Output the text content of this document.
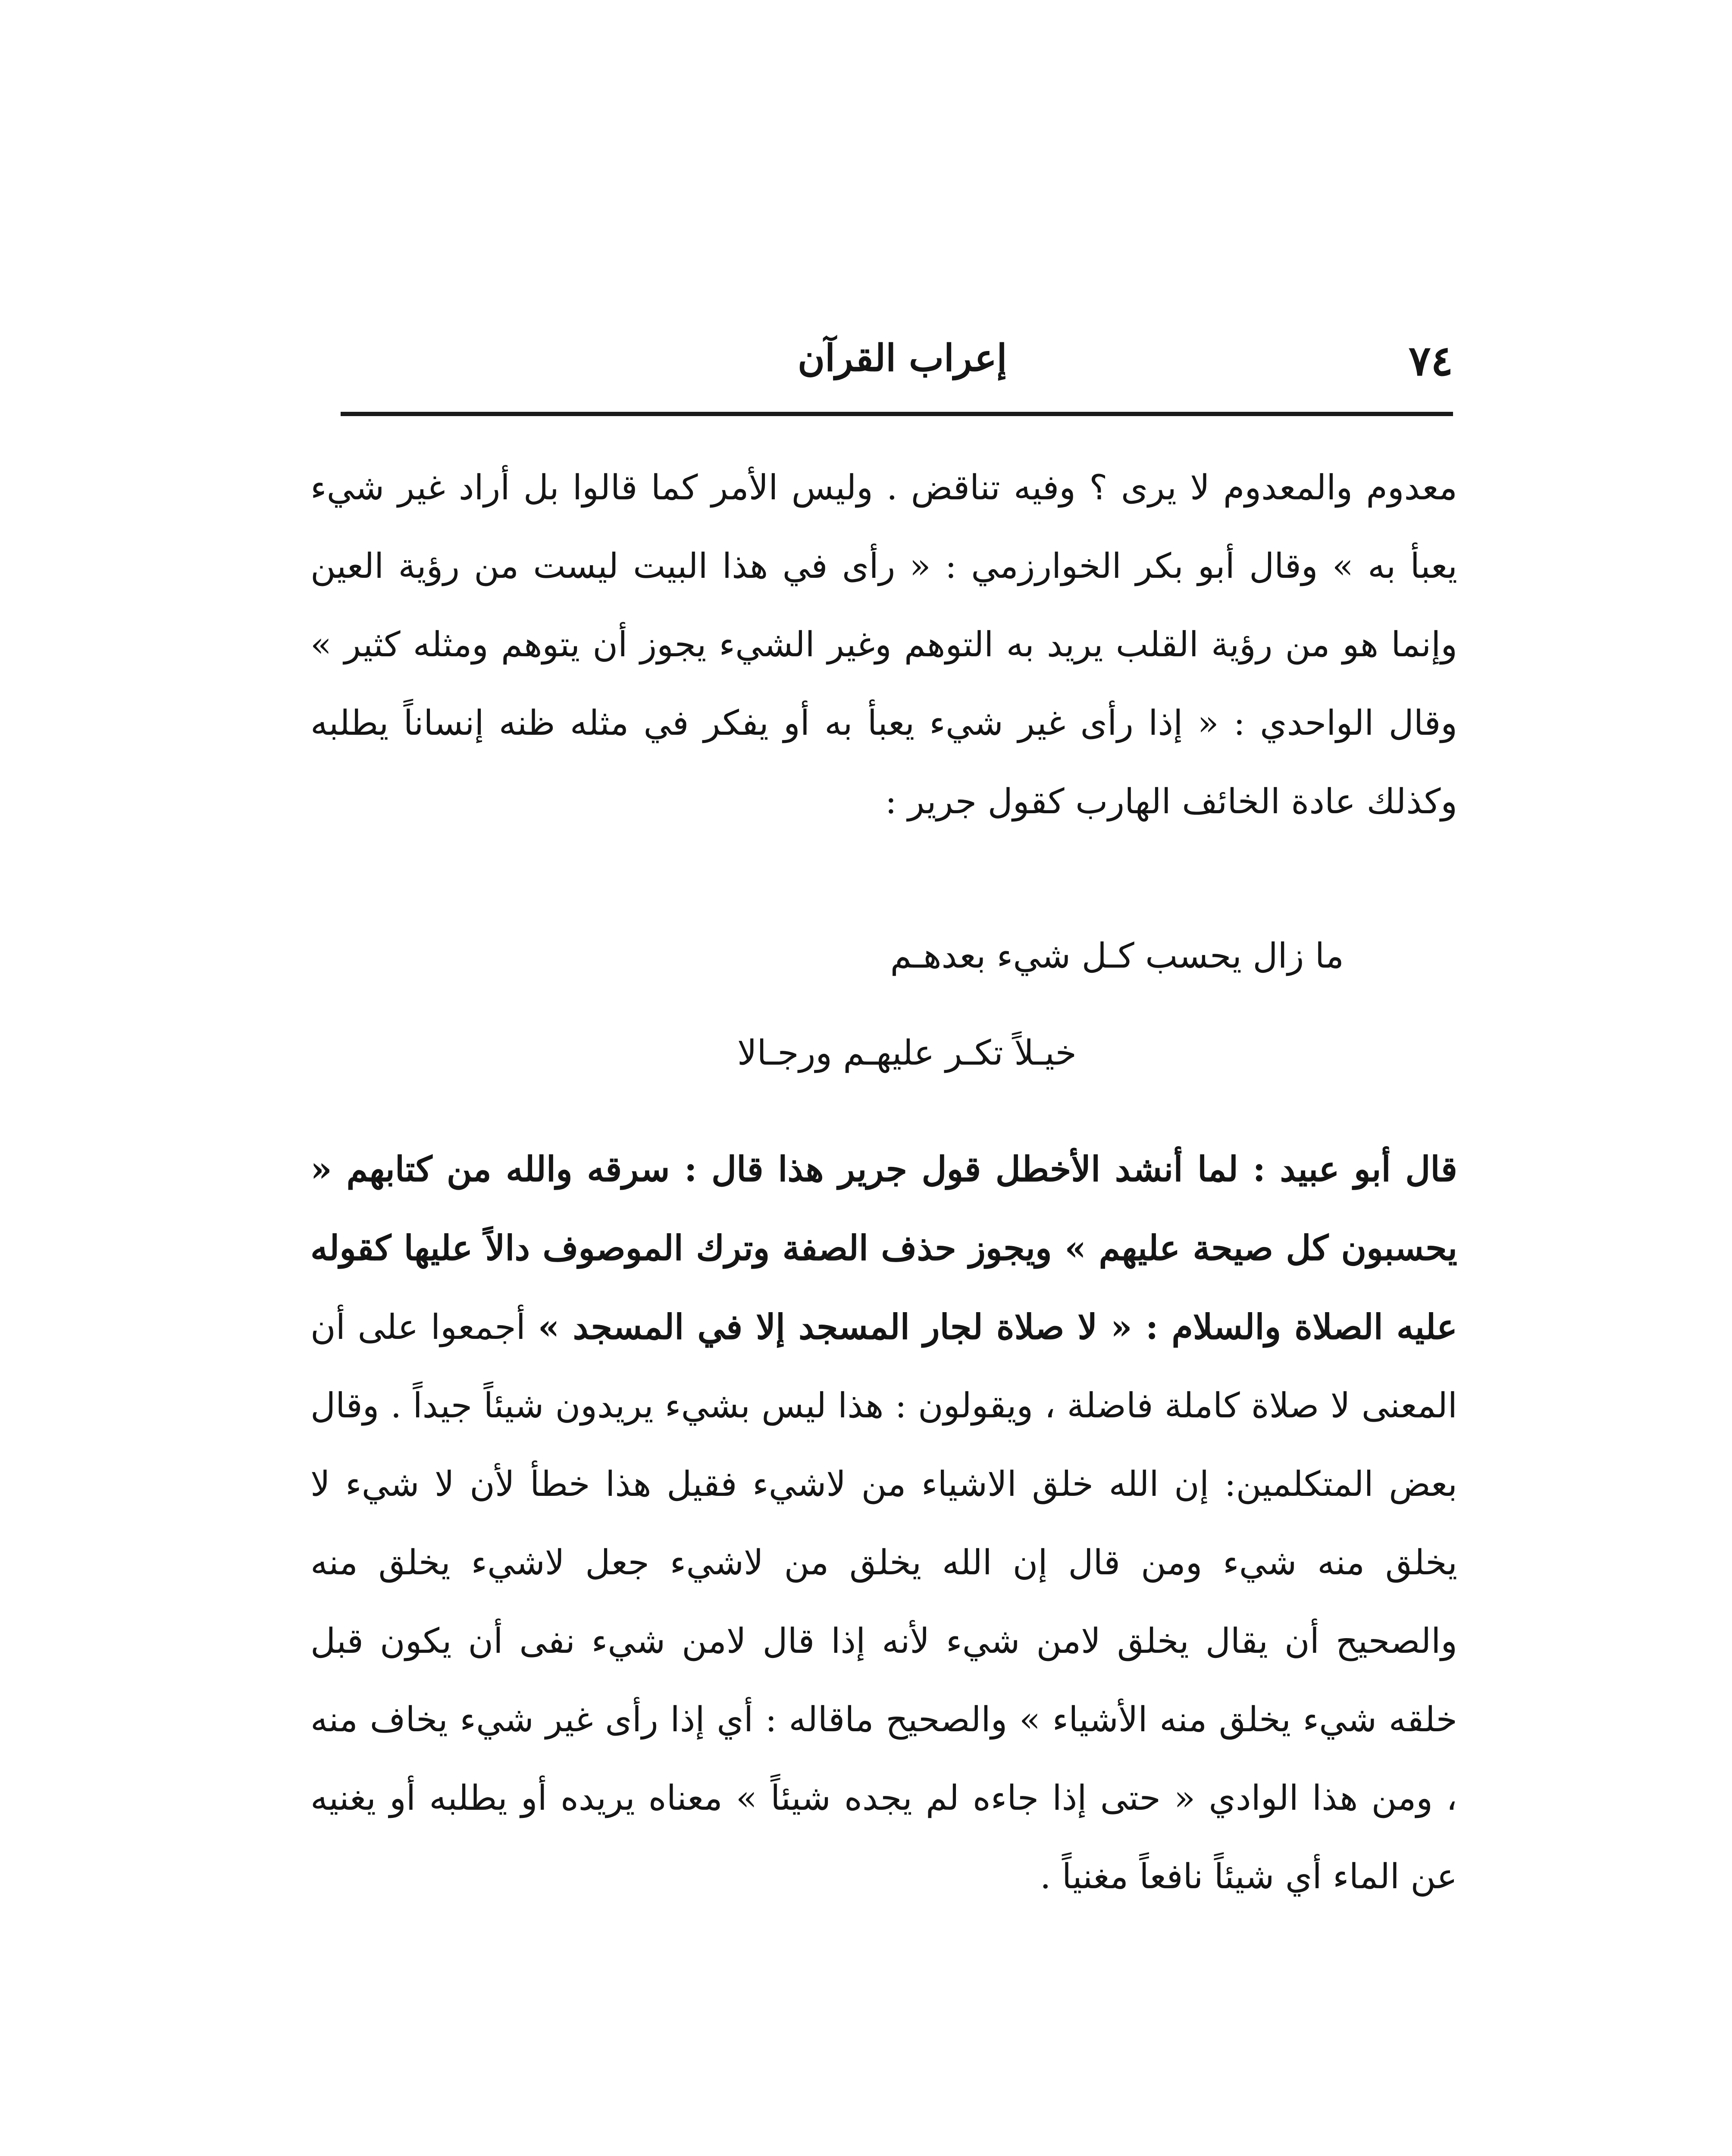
٧٤
إعراب القرآن
معدوم والمعدوم لا يرى ؟ وفيه تناقض . وليس الأمر كما قالوا بل أراد غير شيء يعبأ به » وقال أبو بكر الخوارزمي : « رأى في هذا البيت ليست من رؤية العين وإنما هو من رؤية القلب يريد به التوهم وغير الشيء يجوز أن يتوهم ومثله كثير » وقال الواحدي : « إذا رأى غير شيء يعبأ به أو يفكر في مثله ظنه إنساناً يطلبه وكذلك عادة الخائف الهارب كقول جرير :
ما زال يحسب كـل شيء بعدهـم
خيـلاً تكـر عليهـم ورجـالا
قال أبو عبيد : لما أنشد الأخطل قول جرير هذا قال : سرقه والله من كتابهم « يحسبون كل صيحة عليهم » ويجوز حذف الصفة وترك الموصوف دالاً عليها كقوله عليه الصلاة والسلام : « لا صلاة لجار المسجد إلا في المسجد » أجمعوا على أن المعنى لا صلاة كاملة فاضلة ، ويقولون : هذا ليس بشيء يريدون شيئاً جيداً . وقال بعض المتكلمين: إن الله خلق الاشياء من لاشيء فقيل هذا خطأ لأن لا شيء لا يخلق منه شيء ومن قال إن الله يخلق من لاشيء جعل لاشيء يخلق منه والصحيح أن يقال يخلق لامن شيء لأنه إذا قال لامن شيء نفى أن يكون قبل خلقه شيء يخلق منه الأشياء » والصحيح ماقاله : أي إذا رأى غير شيء يخاف منه ، ومن هذا الوادي « حتى إذا جاءه لم يجده شيئاً » معناه يريده أو يطلبه أو يغنيه عن الماء أي شيئاً نافعاً مغنياً .
